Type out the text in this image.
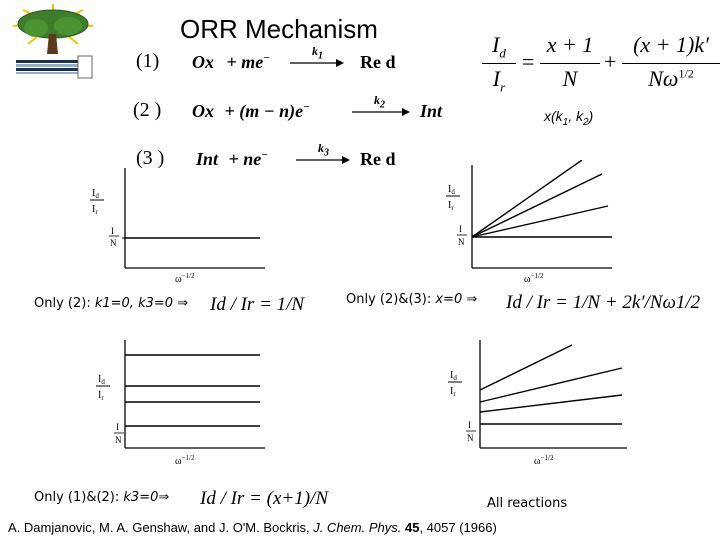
ORR Mechanism
(1) Ox + me−	$k_1 \to Re$ d
(2 ) Ox + (m − n)e−	$k_2$ → Int
(3 ) Int + ne−	$k_3 \to Re$ d
$I_d$
$I_r$
=
x + 1
N
+
(x + 1)k′
$N\omega^{1/2}$
$x(k_1$, $k_2$)
$I_d$
$I_r$
I
N
$\omega^{-1/2}$
$I_d$
$I_r$
I
N
$\omega^{-1/2}$
Only (2): k1=0, k3=0 ⇒ Id / Ir = 1/N	Only (2)&(3): x=0 ⇒ Id / Ir = 1/N + 2k′/Nω1/2
$I_d$
$I_r$
I
N
$\omega^{-1/2}$
$I_d$
$I_r$
I
N
$\omega^{-1/2}$
Only (1)&(2): k3=0⇒ Id / Ir = (x+1)/N	All reactions
A. Damjanovic, M. A. Genshaw, and J. O'M. Bockris, J. Chem. Phys. 45, 4057 (1966)
